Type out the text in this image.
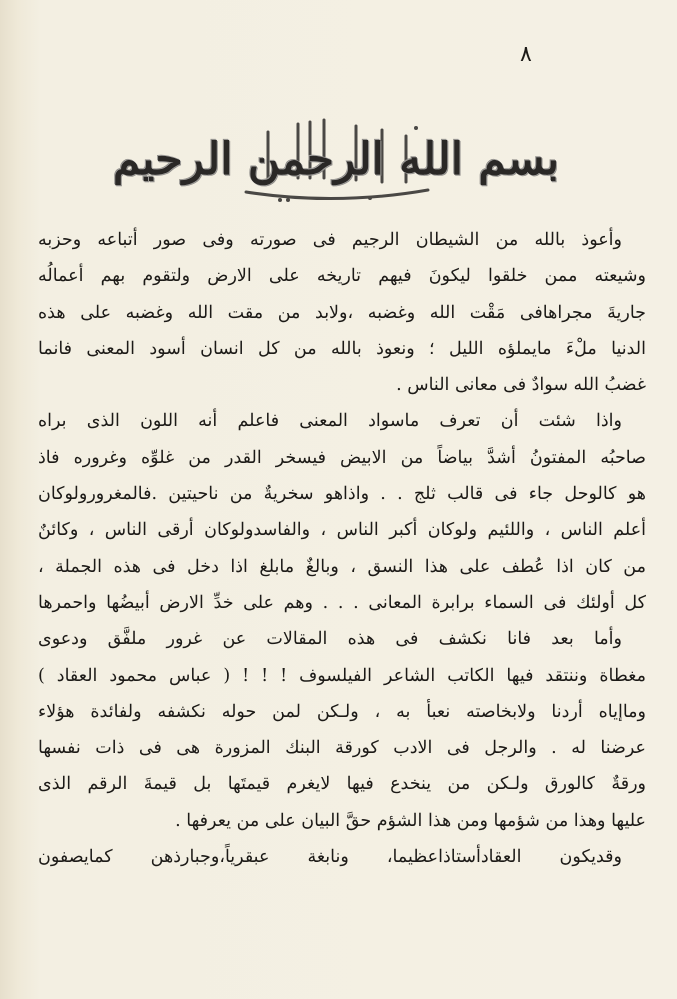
٨
بسم الله الرحمن الرحيم
وأعوذ بالله من الشيطان الرجيم فى صورته وفى صور أتباعه وحزبه
وشيعته ممن خلقوا ليكونَ فيهم تاريخه على الارض ولتقوم بهم أعمالُه
جاريةَ مجراهافى مَقْت الله وغضبه ،ولابد من مقت الله وغضبه على هذه
الدنيا ملْءَ مايملؤه الليل ؛ ونعوذ بالله من كل انسان أسود المعنى فانما
غضبُ الله سوادٌ فى معانى الناس .
واذا شئت أن تعرف ماسواد المعنى فاعلم أنه اللون الذى براه
صاحبُه المفتونُ أشدَّ بياضاً من الابيض فيسخر القدر من غلوِّه وغروره فاذ
هو كالوحل جاء فى قالب ثلج . . واذاهو سخريةٌ من ناحيتين .فالمغرورولوكان
أعلم الناس ، واللئيم ولوكان أكبر الناس ، والفاسدولوكان أرقى الناس ، وكائنٌ
من كان اذا عُطف على هذا النسق ، وبالغٌ مابلغ اذا دخل فى هذه الجملة ،
كل أولئك فى السماء برابرة المعانى . . . وهم على خدِّ الارض أبيضُها واحمرها
وأما بعد فانا نكشف فى هذه المقالات عن غرور ملفَّق ودعوى
مغطاة وننتقد فيها الكاتب الشاعر الفيلسوف ! ! ! ( عباس محمود العقاد )
وماإياه أردنا ولابخاصته نعبأ به ، ولـكن لمن حوله نكشفه ولفائدة هؤلاء
عرضنا له . والرجل فى الادب كورقة البنك المزورة هى فى ذات نفسها
ورقةٌ كالورق ولـكن من ينخدع فيها لايغرم قيمتَها بل قيمةَ الرقم الذى
عليها وهذا من شؤمها ومن هذا الشؤم حقَّ البيان على من يعرفها .
وقديكون العقادأستاذاعظيما، ونابغة عبقرياً،وجبارذهن كمايصفون
